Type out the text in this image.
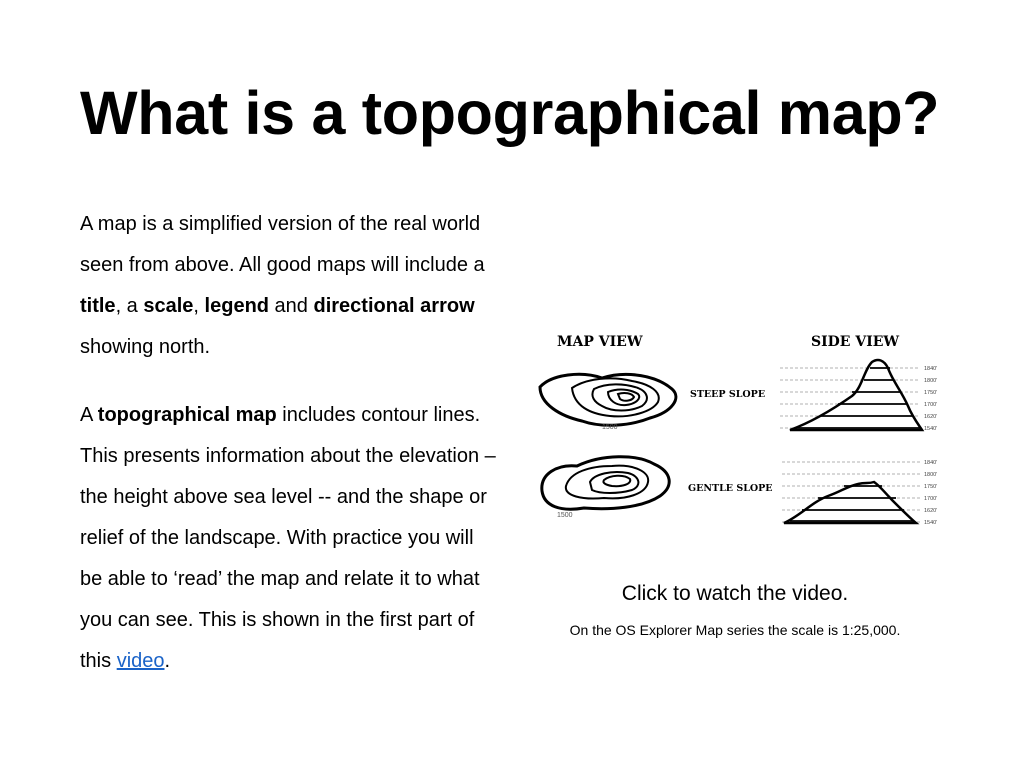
What is a topographical map?

A map is a simplified version of the real world seen from above. All good maps will include a title, a scale, legend and directional arrow showing north.

A topographical map includes contour lines. This presents information about the elevation – the height above sea level -- and the shape or relief of the landscape. With practice you will be able to ‘read’ the map and relate it to what you can see. This is shown in the first part of this video.

MAP VIEW	SIDE VIEW
1500
STEEP SLOPE
1500
GENTLE SLOPE
1840'
1800'
1750'
1700'
1620'
1540'
1840'
1800'
1750'
1700'
1620'
1540'
Click to watch the video.
On the OS Explorer Map series the scale is 1:25,000.
